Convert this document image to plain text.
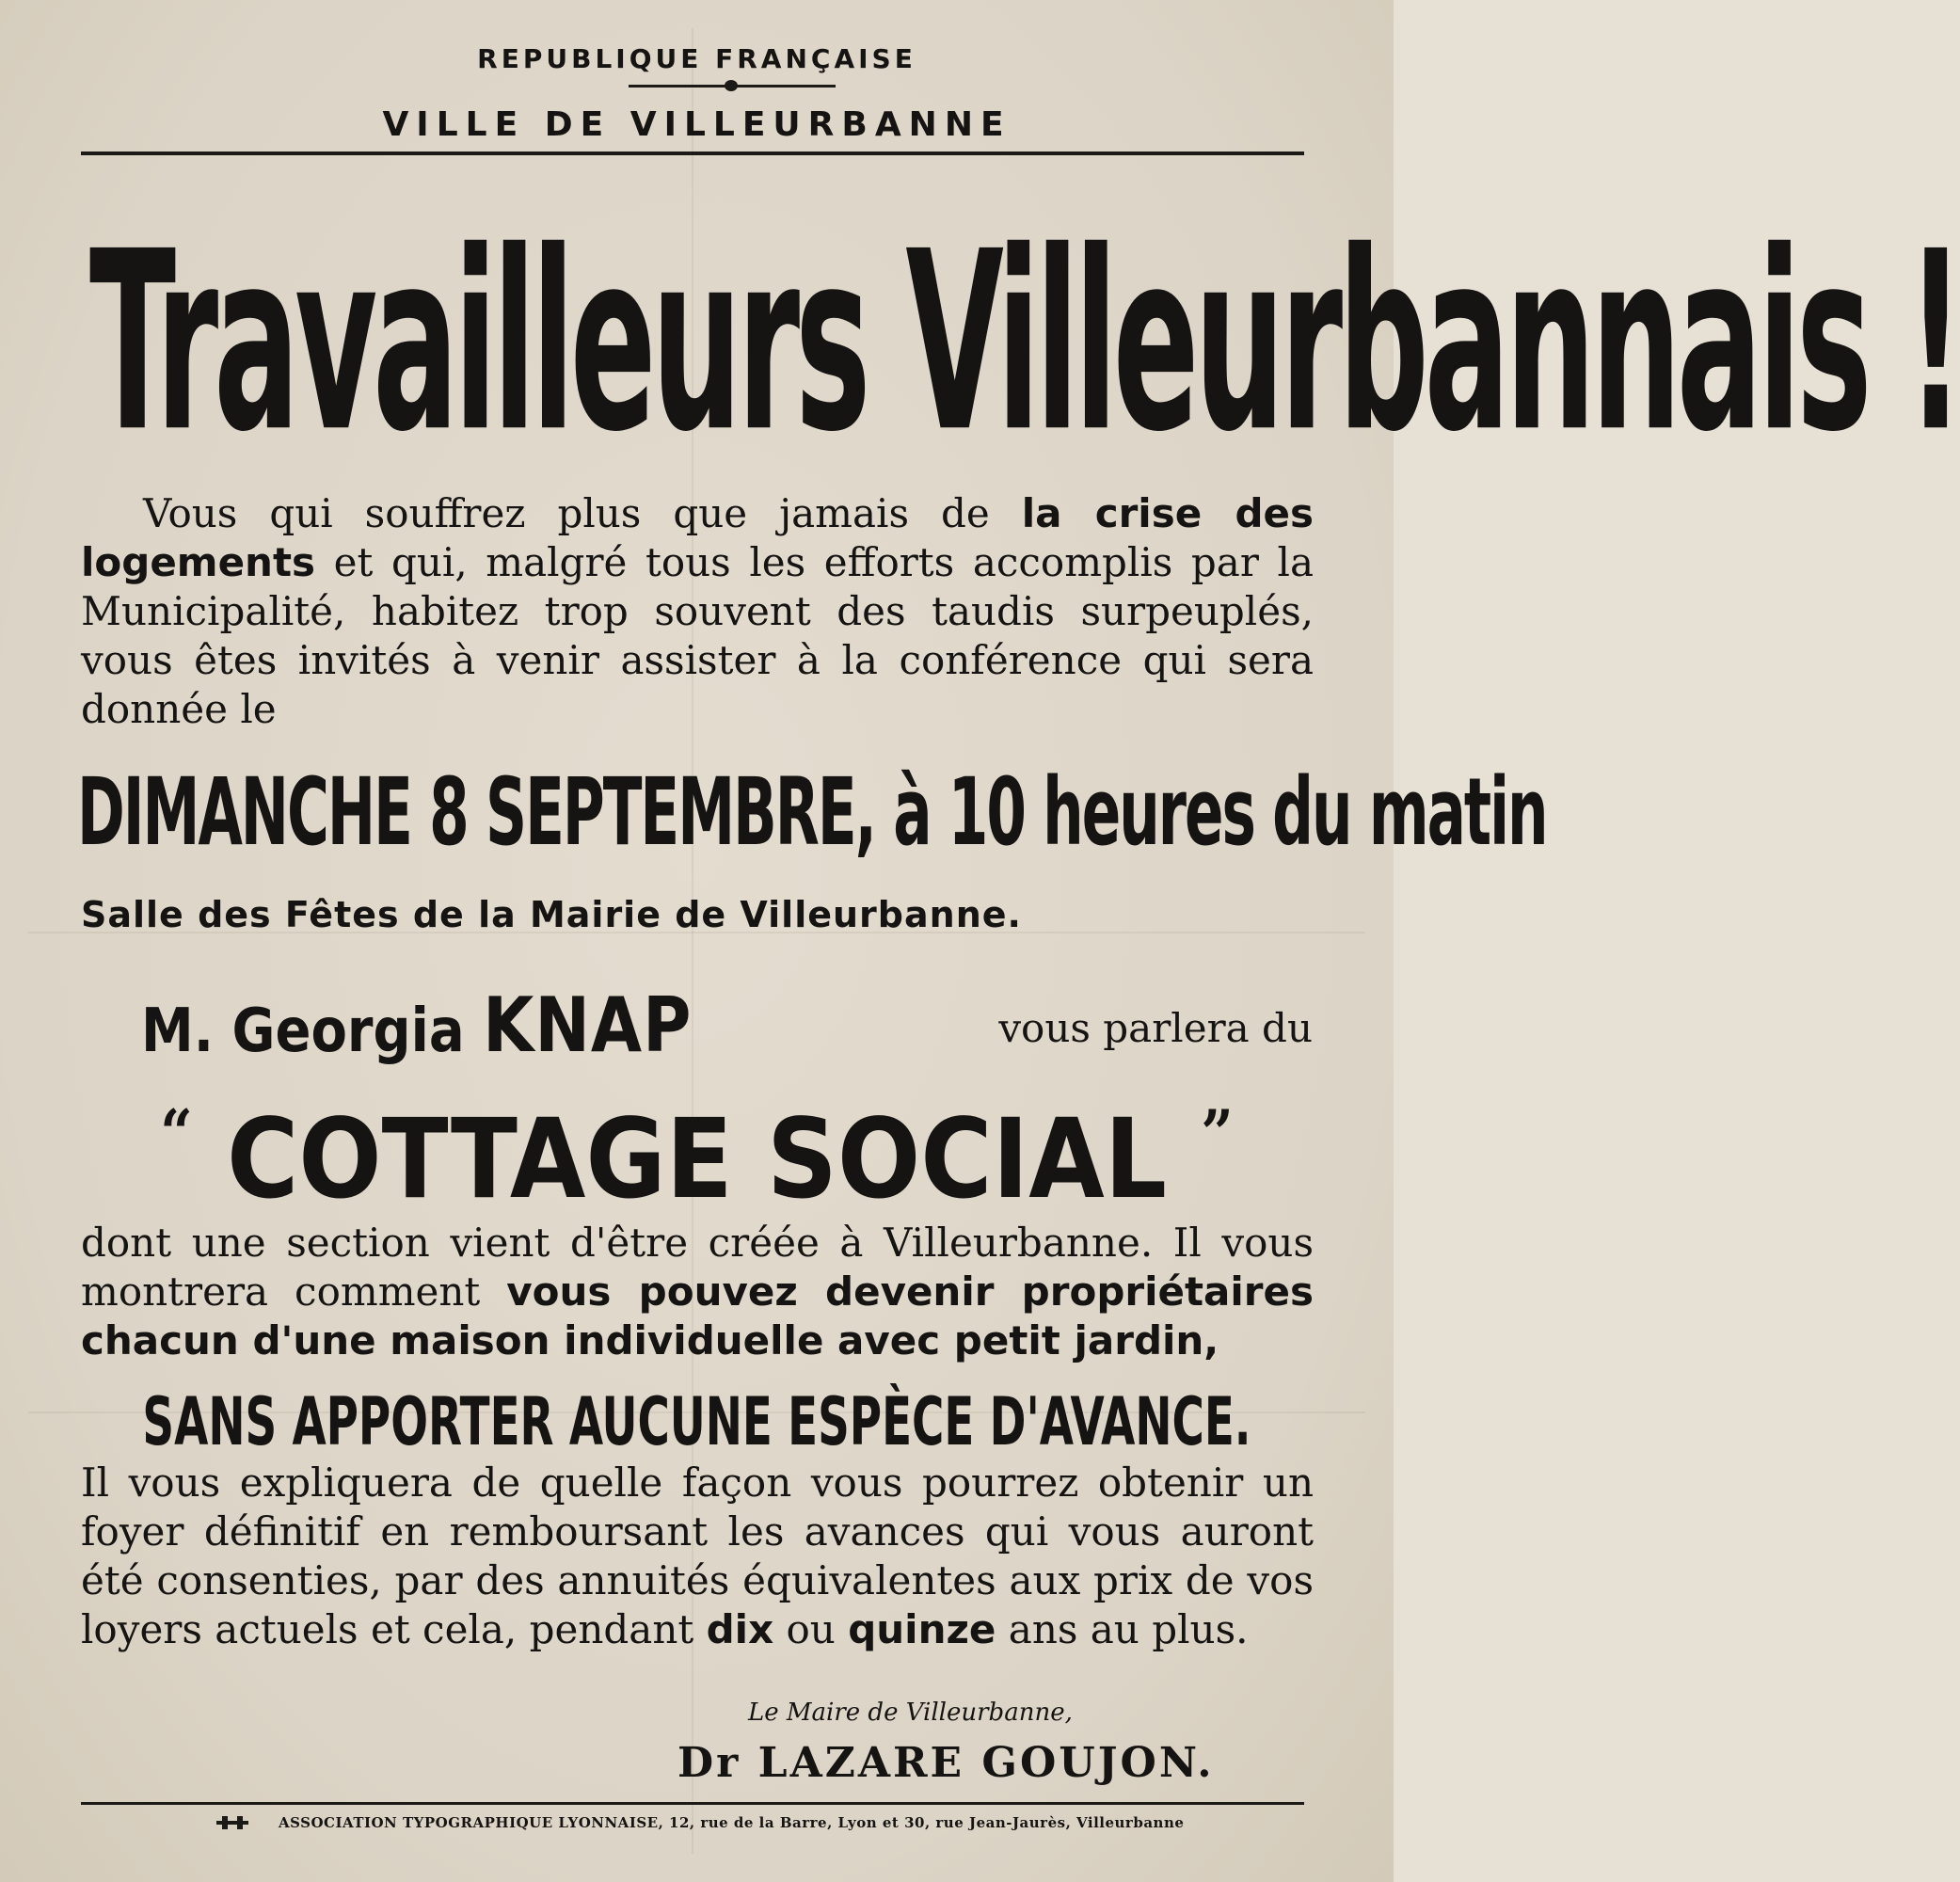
REPUBLIQUE FRANÇAISE
VILLE DE VILLEURBANNE
Travailleurs Villeurbannais !
Vous qui souffrez plus que jamais de la crise des logements et qui, malgré tous les efforts accomplis par la Municipalité, habitez trop souvent des taudis surpeuplés, vous êtes invités à venir assister à la conférence qui sera donnée le
DIMANCHE 8 SEPTEMBRE, à 10 heures du matin
Salle des Fêtes de la Mairie de Villeurbanne.
M. Georgia KNAP	vous parlera du
“ COTTAGE SOCIAL ”
dont une section vient d'être créée à Villeurbanne. Il vous montrera comment vous pouvez devenir propriétaires chacun d'une maison individuelle avec petit jardin,
SANS APPORTER AUCUNE ESPÈCE D'AVANCE.
Il vous expliquera de quelle façon vous pourrez obtenir un foyer définitif en remboursant les avances qui vous auront été consenties, par des annuités équivalentes aux prix de vos loyers actuels et cela, pendant dix ou quinze ans au plus.
Le Maire de Villeurbanne,
Dr LAZARE GOUJON.
ASSOCIATION TYPOGRAPHIQUE LYONNAISE, 12, rue de la Barre, Lyon et 30, rue Jean-Jaurès, Villeurbanne
